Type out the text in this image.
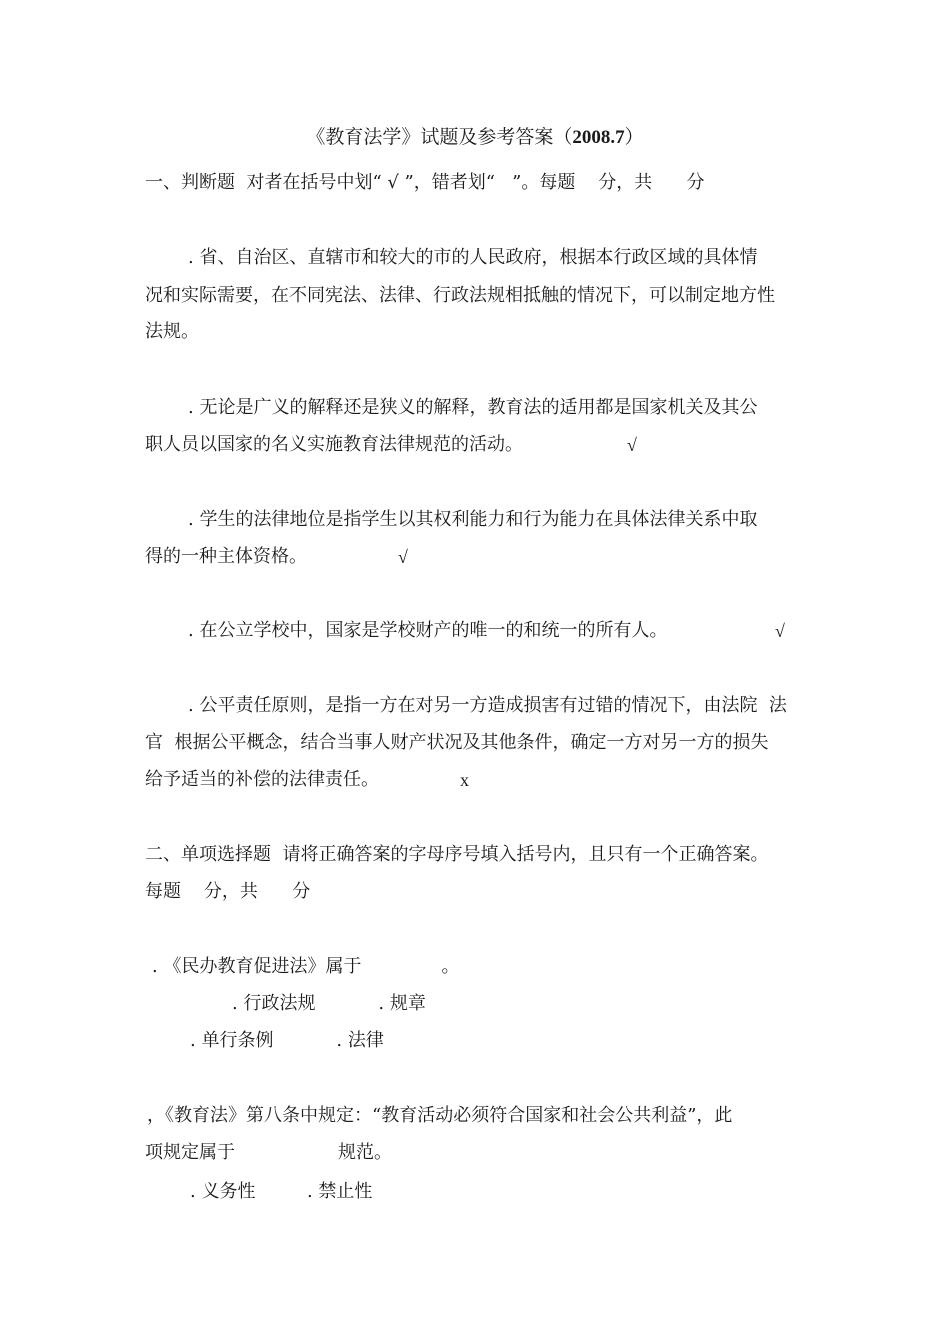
《教育法学》试题及参考答案（2008.7）
一、判断题  对者在括号中划“ √ ”，错者划“   ”。每题    分，共      分
. 省、自治区、直辖市和较大的市的人民政府，根据本行政区域的具体情
况和实际需要，在不同宪法、法律、行政法规相抵触的情况下，可以制定地方性
法规。
. 无论是广义的解释还是狭义的解释，教育法的适用都是国家机关及其公
职人员以国家的名义实施教育法律规范的活动。	√
. 学生的法律地位是指学生以其权利能力和行为能力在具体法律关系中取
得的一种主体资格。	√
. 在公立学校中，国家是学校财产的唯一的和统一的所有人。	√
. 公平责任原则，是指一方在对另一方造成损害有过错的情况下，由法院  法
官  根据公平概念，结合当事人财产状况及其他条件，确定一方对另一方的损失
给予适当的补偿的法律责任。	x
二、单项选择题  请将正确答案的字母序号填入括号内，且只有一个正确答案。
每题    分，共      分
. 《民办教育促进法》属于              。
. 行政法规           . 规章
. 单行条例           . 法律
，《教育法》第八条中规定：“教育活动必须符合国家和社会公共利益”，此
项规定属于                  规范。
. 义务性         . 禁止性
